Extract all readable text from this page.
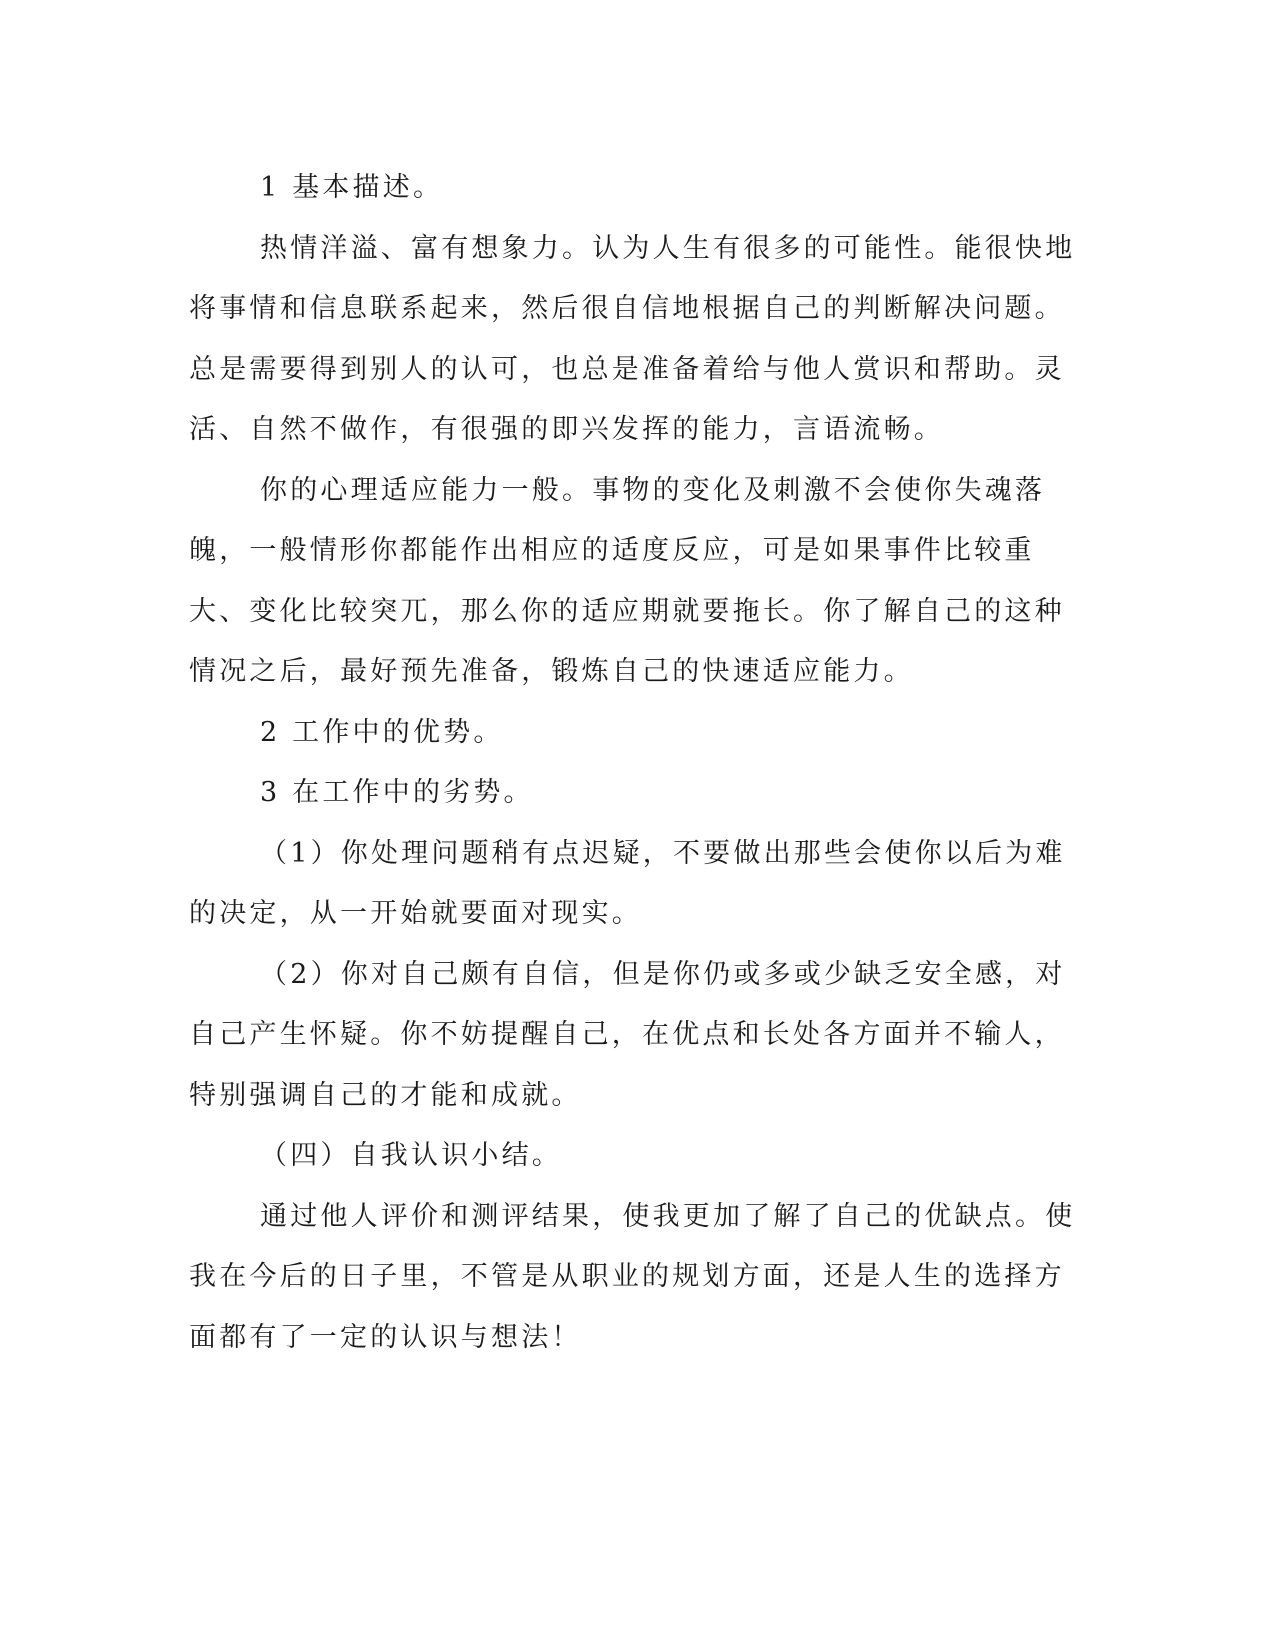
1 基本描述。

热情洋溢、富有想象力。认为人生有很多的可能性。能很快地将事情和信息联系起来，然后很自信地根据自己的判断解决问题。总是需要得到别人的认可，也总是准备着给与他人赏识和帮助。灵活、自然不做作，有很强的即兴发挥的能力，言语流畅。

你的心理适应能力一般。事物的变化及刺激不会使你失魂落魄，一般情形你都能作出相应的适度反应，可是如果事件比较重大、变化比较突兀，那么你的适应期就要拖长。你了解自己的这种情况之后，最好预先准备，锻炼自己的快速适应能力。

2 工作中的优势。

3 在工作中的劣势。

（1）你处理问题稍有点迟疑，不要做出那些会使你以后为难的决定，从一开始就要面对现实。

（2）你对自己颇有自信，但是你仍或多或少缺乏安全感，对自己产生怀疑。你不妨提醒自己，在优点和长处各方面并不输人，特别强调自己的才能和成就。

（四）自我认识小结。

通过他人评价和测评结果，使我更加了解了自己的优缺点。使我在今后的日子里，不管是从职业的规划方面，还是人生的选择方面都有了一定的认识与想法！
